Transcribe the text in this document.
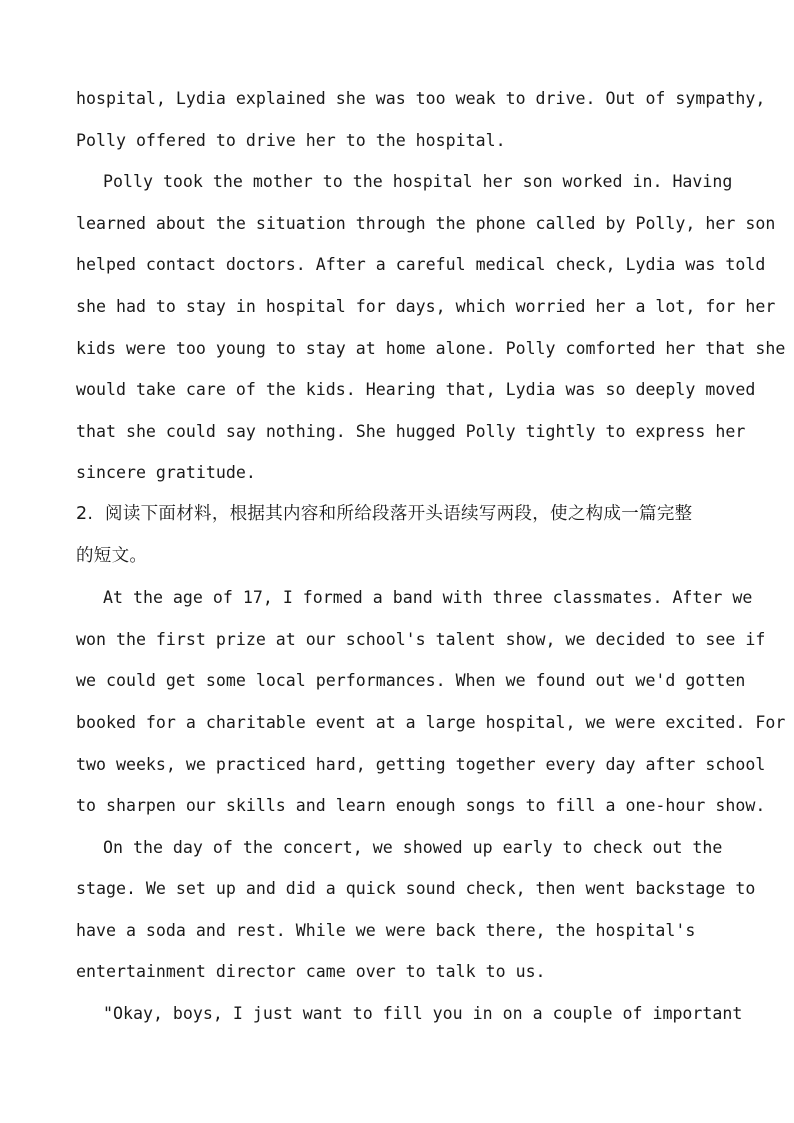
hospital, Lydia explained she was too weak to drive. Out of sympathy,
Polly offered to drive her to the hospital.
Polly took the mother to the hospital her son worked in. Having
learned about the situation through the phone called by Polly, her son
helped contact doctors. After a careful medical check, Lydia was told
she had to stay in hospital for days, which worried her a lot, for her
kids were too young to stay at home alone. Polly comforted her that she
would take care of the kids. Hearing that, Lydia was so deeply moved
that she could say nothing. She hugged Polly tightly to express her
sincere gratitude.
2.  阅读下面材料，根据其内容和所给段落开头语续写两段，使之构成一篇完整
的短文。
At the age of 17, I formed a band with three classmates. After we
won the first prize at our school's talent show, we decided to see if
we could get some local performances. When we found out we'd gotten
booked for a charitable event at a large hospital, we were excited. For
two weeks, we practiced hard, getting together every day after school
to sharpen our skills and learn enough songs to fill a one-hour show.
On the day of the concert, we showed up early to check out the
stage. We set up and did a quick sound check, then went backstage to
have a soda and rest. While we were back there, the hospital's
entertainment director came over to talk to us.
"Okay, boys, I just want to fill you in on a couple of important
